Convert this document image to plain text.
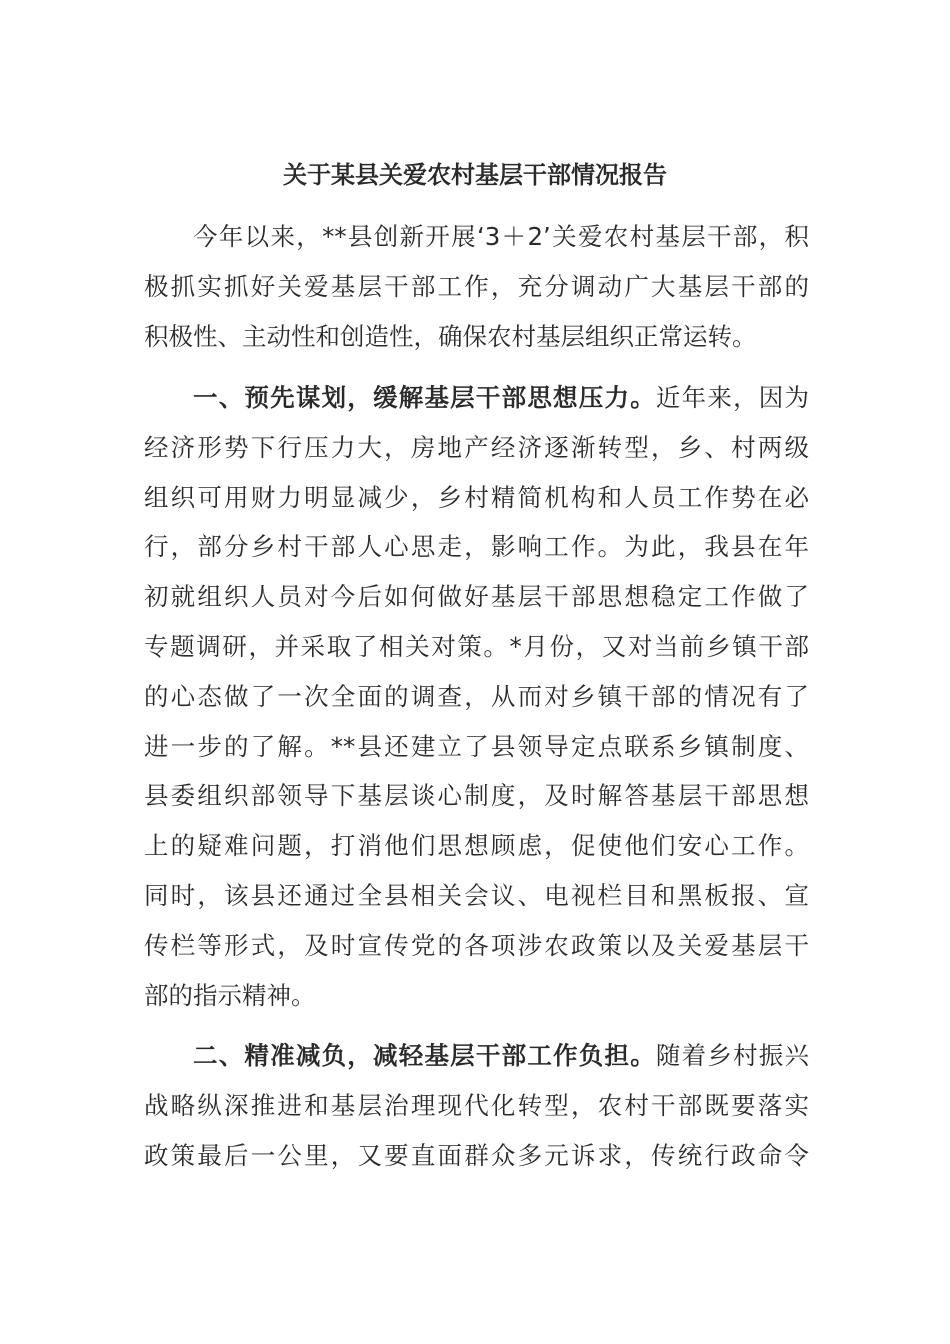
关于某县关爱农村基层干部情况报告
今年以来，**县创新开展‘3＋2’关爱农村基层干部，积
极抓实抓好关爱基层干部工作，充分调动广大基层干部的
积极性、主动性和创造性，确保农村基层组织正常运转。
一、预先谋划，缓解基层干部思想压力。近年来，因为
经济形势下行压力大，房地产经济逐渐转型，乡、村两级
组织可用财力明显减少，乡村精简机构和人员工作势在必
行，部分乡村干部人心思走，影响工作。为此，我县在年
初就组织人员对今后如何做好基层干部思想稳定工作做了
专题调研，并采取了相关对策。*月份，又对当前乡镇干部
的心态做了一次全面的调查，从而对乡镇干部的情况有了
进一步的了解。**县还建立了县领导定点联系乡镇制度、
县委组织部领导下基层谈心制度，及时解答基层干部思想
上的疑难问题，打消他们思想顾虑，促使他们安心工作。
同时，该县还通过全县相关会议、电视栏目和黑板报、宣
传栏等形式，及时宣传党的各项涉农政策以及关爱基层干
部的指示精神。
二、精准减负，减轻基层干部工作负担。随着乡村振兴
战略纵深推进和基层治理现代化转型，农村干部既要落实
政策最后一公里，又要直面群众多元诉求，传统行政命令
